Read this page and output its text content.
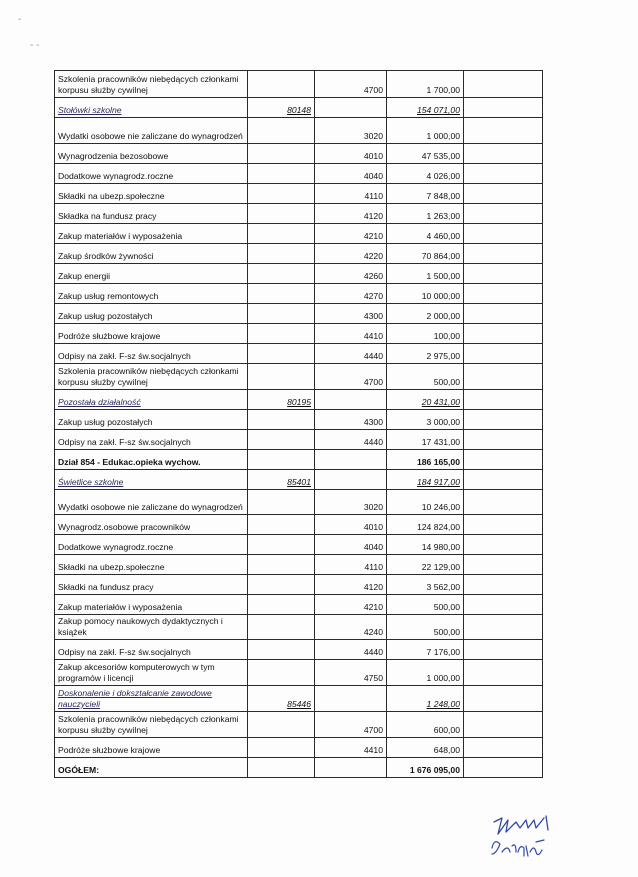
-
- -
Szkolenia pracowników niebędących członkami korpusu służby cywilnej		4700	1 700,00	
Stołówki szkolne	80148		154 071,00	
Wydatki osobowe nie zaliczane do wynagrodzeń		3020	1 000,00	
Wynagrodzenia bezosobowe		4010	47 535,00	
Dodatkowe wynagrodz.roczne		4040	4 026,00	
Składki na ubezp.społeczne		4110	7 848,00	
Składka na fundusz pracy		4120	1 263,00	
Zakup materiałów i wyposażenia		4210	4 460,00	
Zakup środków żywności		4220	70 864,00	
Zakup energii		4260	1 500,00	
Zakup usług remontowych		4270	10 000,00	
Zakup usług pozostałych		4300	2 000,00	
Podróże służbowe krajowe		4410	100,00	
Odpisy na zakł. F-sz św.socjalnych		4440	2 975,00	
Szkolenia pracowników niebędących członkami korpusu służby cywilnej		4700	500,00	
Pozostała działalność	80195		20 431,00	
Zakup usług pozostałych		4300	3 000,00	
Odpisy na zakł. F-sz św.socjalnych		4440	17 431,00	
Dział 854 - Edukac.opieka wychow.			186 165,00	
Świetlice szkolne	85401		184 917,00	
Wydatki osobowe nie zaliczane do wynagrodzeń		3020	10 246,00	
Wynagrodz.osobowe pracowników		4010	124 824,00	
Dodatkowe wynagrodz.roczne		4040	14 980,00	
Składki na ubezp.społeczne		4110	22 129,00	
Składki na fundusz pracy		4120	3 562,00	
Zakup materiałów i wyposażenia		4210	500,00	
Zakup pomocy naukowych dydaktycznych i książek		4240	500,00	
Odpisy na zakł. F-sz św.socjalnych		4440	7 176,00	
Zakup akcesoriów komputerowych w tym programów i licencji		4750	1 000,00	
Doskonalenie i dokształcanie zawodowe nauczycieli	85446		1 248,00	
Szkolenia pracowników niebędących członkami korpusu służby cywilnej		4700	600,00	
Podróże służbowe krajowe		4410	648,00	
OGÓŁEM:			1 676 095,00	
